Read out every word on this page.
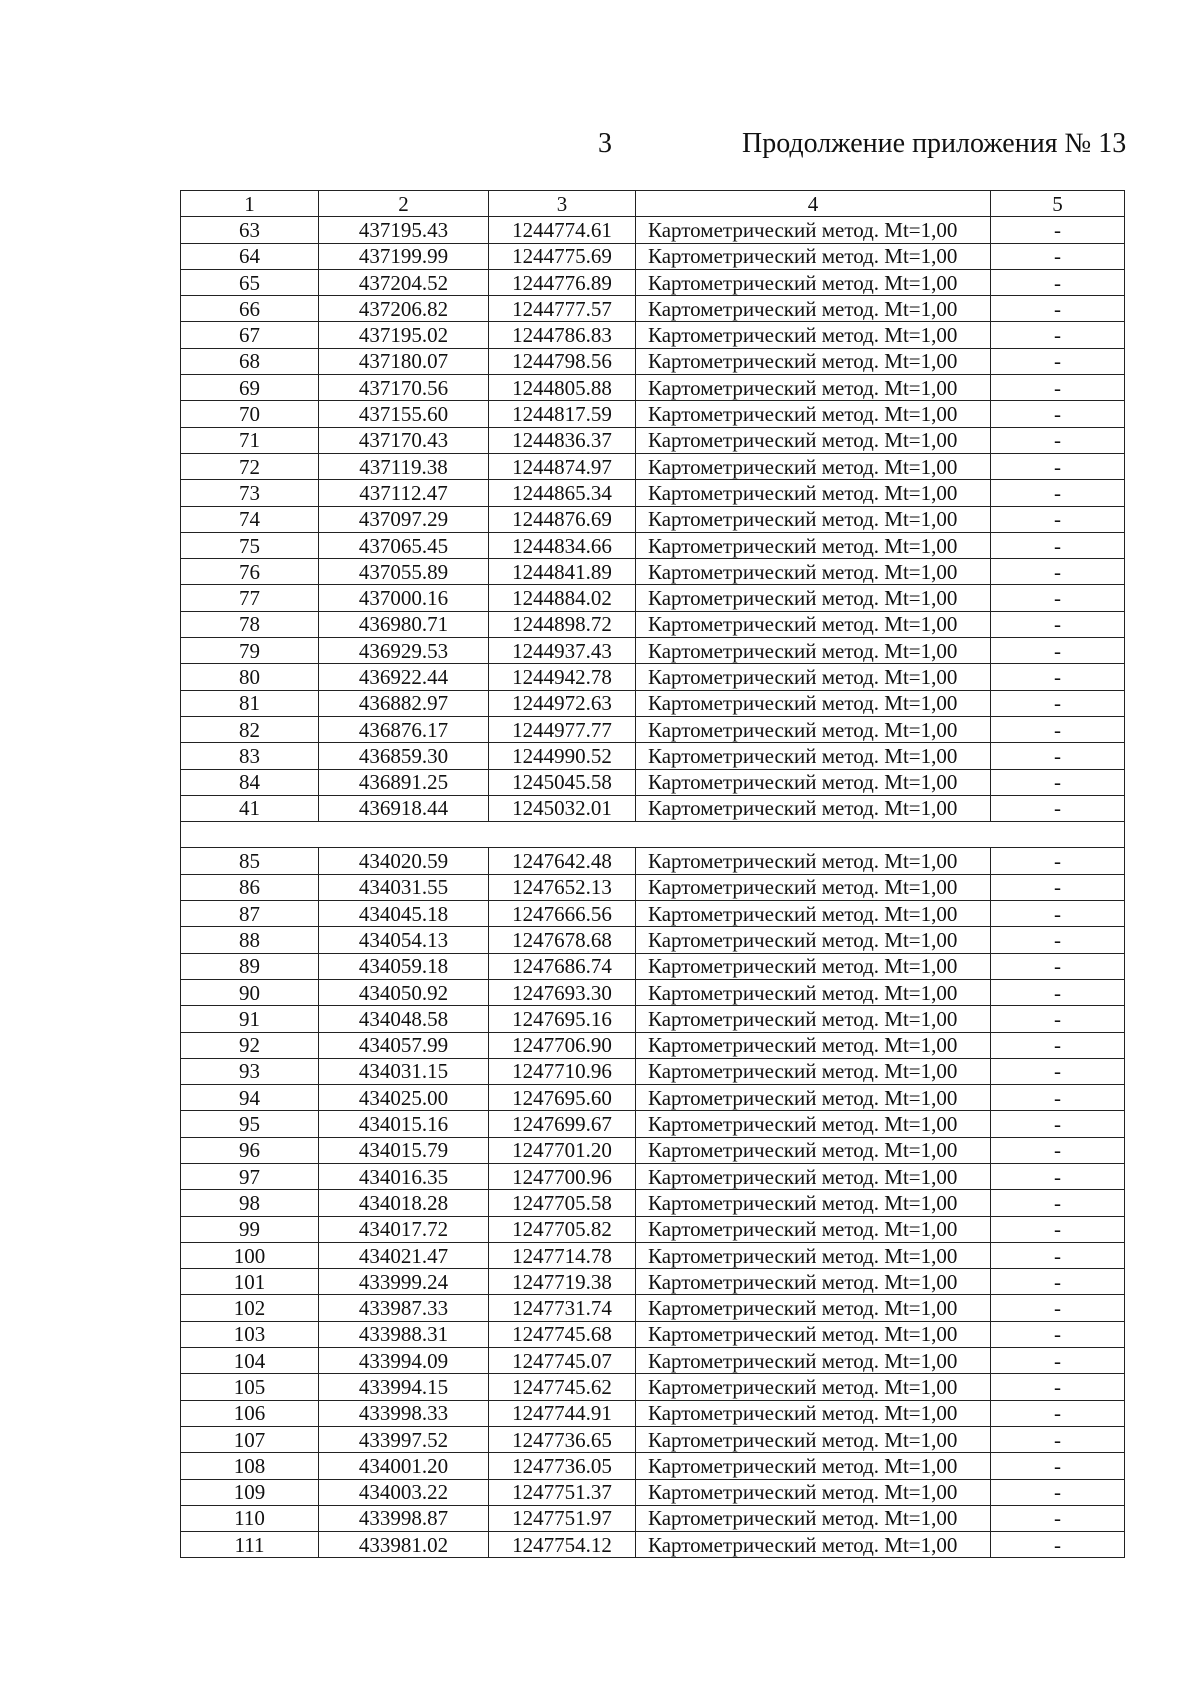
3	Продолжение приложения № 13
1	2	3	4	5
63	437195.43	1244774.61	Картометрический метод. Mt=1,00	-
64	437199.99	1244775.69	Картометрический метод. Mt=1,00	-
65	437204.52	1244776.89	Картометрический метод. Mt=1,00	-
66	437206.82	1244777.57	Картометрический метод. Mt=1,00	-
67	437195.02	1244786.83	Картометрический метод. Mt=1,00	-
68	437180.07	1244798.56	Картометрический метод. Mt=1,00	-
69	437170.56	1244805.88	Картометрический метод. Mt=1,00	-
70	437155.60	1244817.59	Картометрический метод. Mt=1,00	-
71	437170.43	1244836.37	Картометрический метод. Mt=1,00	-
72	437119.38	1244874.97	Картометрический метод. Mt=1,00	-
73	437112.47	1244865.34	Картометрический метод. Mt=1,00	-
74	437097.29	1244876.69	Картометрический метод. Mt=1,00	-
75	437065.45	1244834.66	Картометрический метод. Mt=1,00	-
76	437055.89	1244841.89	Картометрический метод. Mt=1,00	-
77	437000.16	1244884.02	Картометрический метод. Mt=1,00	-
78	436980.71	1244898.72	Картометрический метод. Mt=1,00	-
79	436929.53	1244937.43	Картометрический метод. Mt=1,00	-
80	436922.44	1244942.78	Картометрический метод. Mt=1,00	-
81	436882.97	1244972.63	Картометрический метод. Mt=1,00	-
82	436876.17	1244977.77	Картометрический метод. Mt=1,00	-
83	436859.30	1244990.52	Картометрический метод. Mt=1,00	-
84	436891.25	1245045.58	Картометрический метод. Mt=1,00	-
41	436918.44	1245032.01	Картометрический метод. Mt=1,00	-

85	434020.59	1247642.48	Картометрический метод. Mt=1,00	-
86	434031.55	1247652.13	Картометрический метод. Mt=1,00	-
87	434045.18	1247666.56	Картометрический метод. Mt=1,00	-
88	434054.13	1247678.68	Картометрический метод. Mt=1,00	-
89	434059.18	1247686.74	Картометрический метод. Mt=1,00	-
90	434050.92	1247693.30	Картометрический метод. Mt=1,00	-
91	434048.58	1247695.16	Картометрический метод. Mt=1,00	-
92	434057.99	1247706.90	Картометрический метод. Mt=1,00	-
93	434031.15	1247710.96	Картометрический метод. Mt=1,00	-
94	434025.00	1247695.60	Картометрический метод. Mt=1,00	-
95	434015.16	1247699.67	Картометрический метод. Mt=1,00	-
96	434015.79	1247701.20	Картометрический метод. Mt=1,00	-
97	434016.35	1247700.96	Картометрический метод. Mt=1,00	-
98	434018.28	1247705.58	Картометрический метод. Mt=1,00	-
99	434017.72	1247705.82	Картометрический метод. Mt=1,00	-
100	434021.47	1247714.78	Картометрический метод. Mt=1,00	-
101	433999.24	1247719.38	Картометрический метод. Mt=1,00	-
102	433987.33	1247731.74	Картометрический метод. Mt=1,00	-
103	433988.31	1247745.68	Картометрический метод. Mt=1,00	-
104	433994.09	1247745.07	Картометрический метод. Mt=1,00	-
105	433994.15	1247745.62	Картометрический метод. Mt=1,00	-
106	433998.33	1247744.91	Картометрический метод. Mt=1,00	-
107	433997.52	1247736.65	Картометрический метод. Mt=1,00	-
108	434001.20	1247736.05	Картометрический метод. Mt=1,00	-
109	434003.22	1247751.37	Картометрический метод. Mt=1,00	-
110	433998.87	1247751.97	Картометрический метод. Mt=1,00	-
111	433981.02	1247754.12	Картометрический метод. Mt=1,00	-
